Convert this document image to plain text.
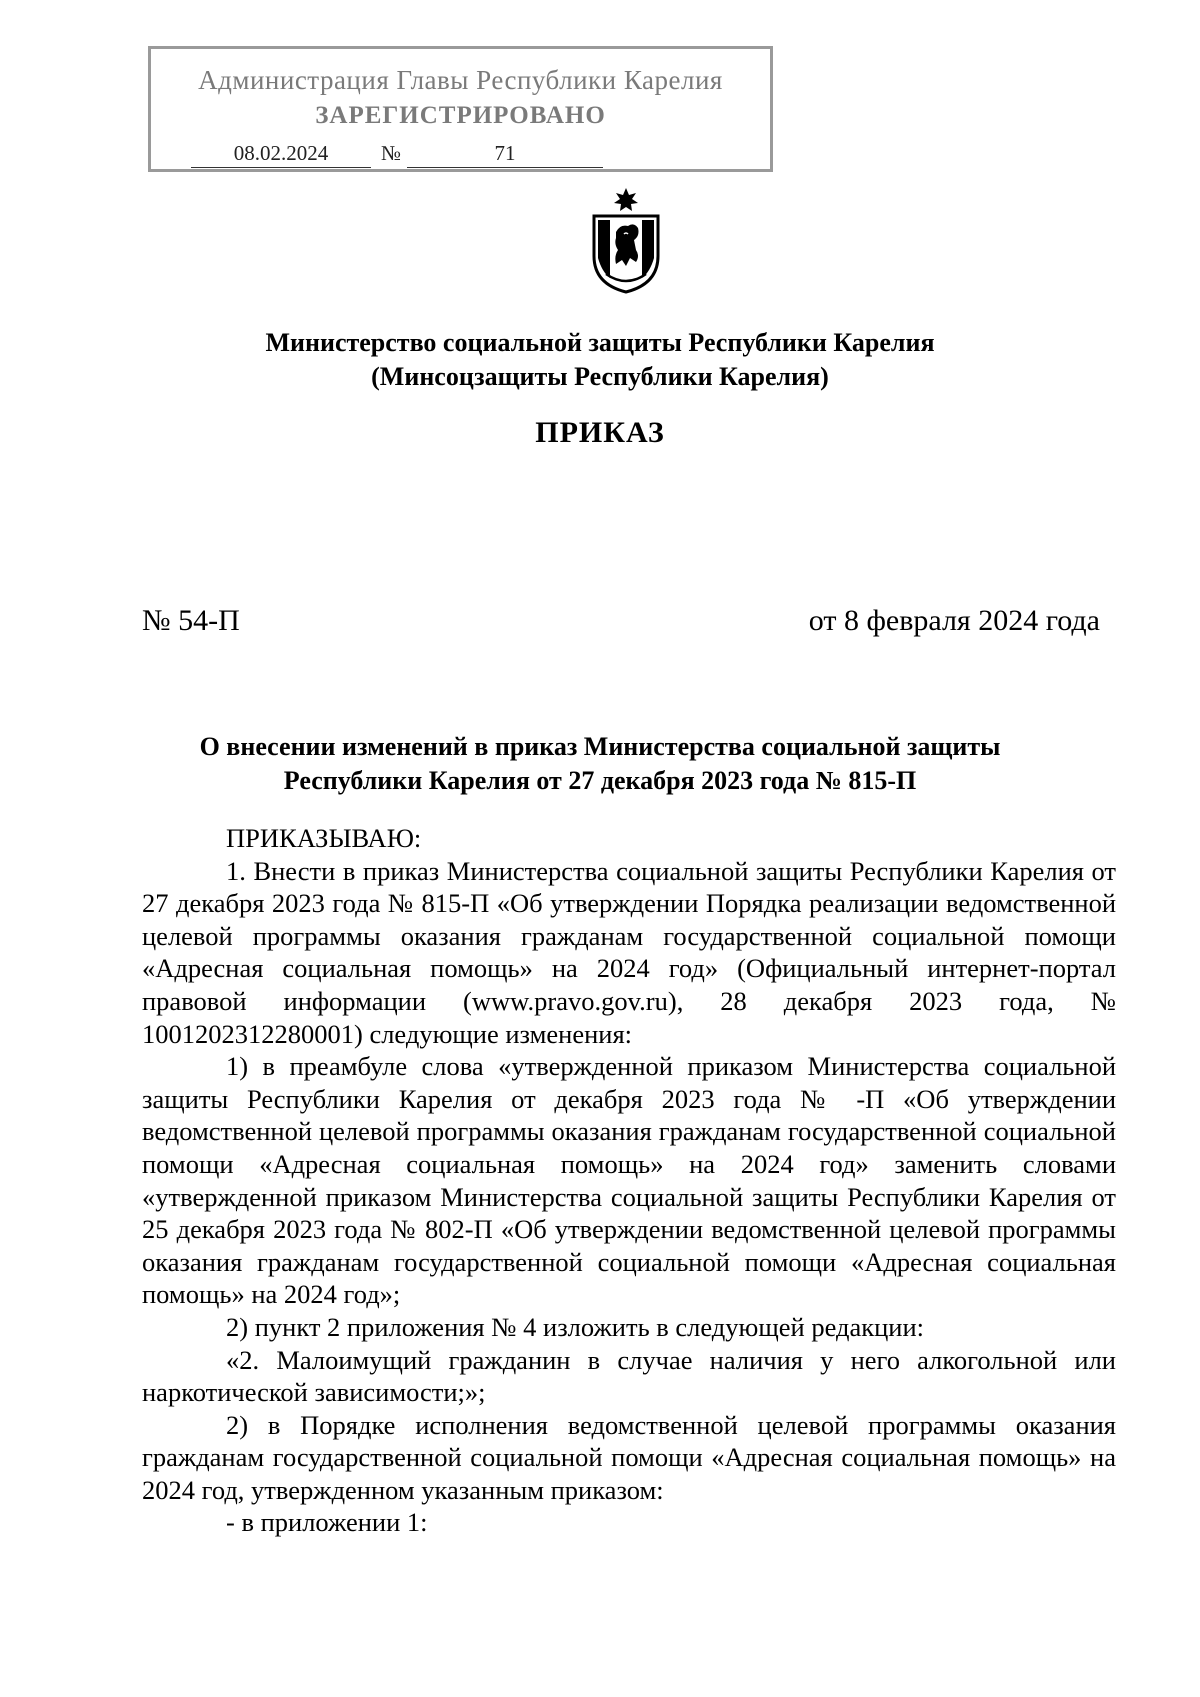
Администрация Главы Республики Карелия
ЗАРЕГИСТРИРОВАНО
08.02.2024	№	71
Министерство социальной защиты Республики Карелия
(Минсоцзащиты Республики Карелия)
ПРИКАЗ
№ 54-П	от 8 февраля 2024 года
О внесении изменений в приказ Министерства социальной защиты
Республики Карелия от 27 декабря 2023 года № 815-П

ПРИКАЗЫВАЮ:

1. Внести в приказ Министерства социальной защиты Республики Карелия от 27 декабря 2023 года № 815-П «Об утверждении Порядка реализации ведомственной целевой программы оказания гражданам государственной социальной помощи «Адресная социальная помощь» на 2024 год» (Официальный интернет-портал правовой информации (www.pravo.gov.ru), 28 декабря 2023 года, № 1001202312280001) следующие изменения:

1) в преамбуле слова «утвержденной приказом Министерства социальной защиты Республики Карелия от декабря 2023 года № -П «Об утверждении ведомственной целевой программы оказания гражданам государственной социальной помощи «Адресная социальная помощь» на 2024 год» заменить словами «утвержденной приказом Министерства социальной защиты Республики Карелия от 25 декабря 2023 года № 802-П «Об утверждении ведомственной целевой программы оказания гражданам государственной социальной помощи «Адресная социальная помощь» на 2024 год»;

2) пункт 2 приложения № 4 изложить в следующей редакции:

«2. Малоимущий гражданин в случае наличия у него алкогольной или наркотической зависимости;»;

2) в Порядке исполнения ведомственной целевой программы оказания гражданам государственной социальной помощи «Адресная социальная помощь» на 2024 год, утвержденном указанным приказом:

- в приложении 1:
